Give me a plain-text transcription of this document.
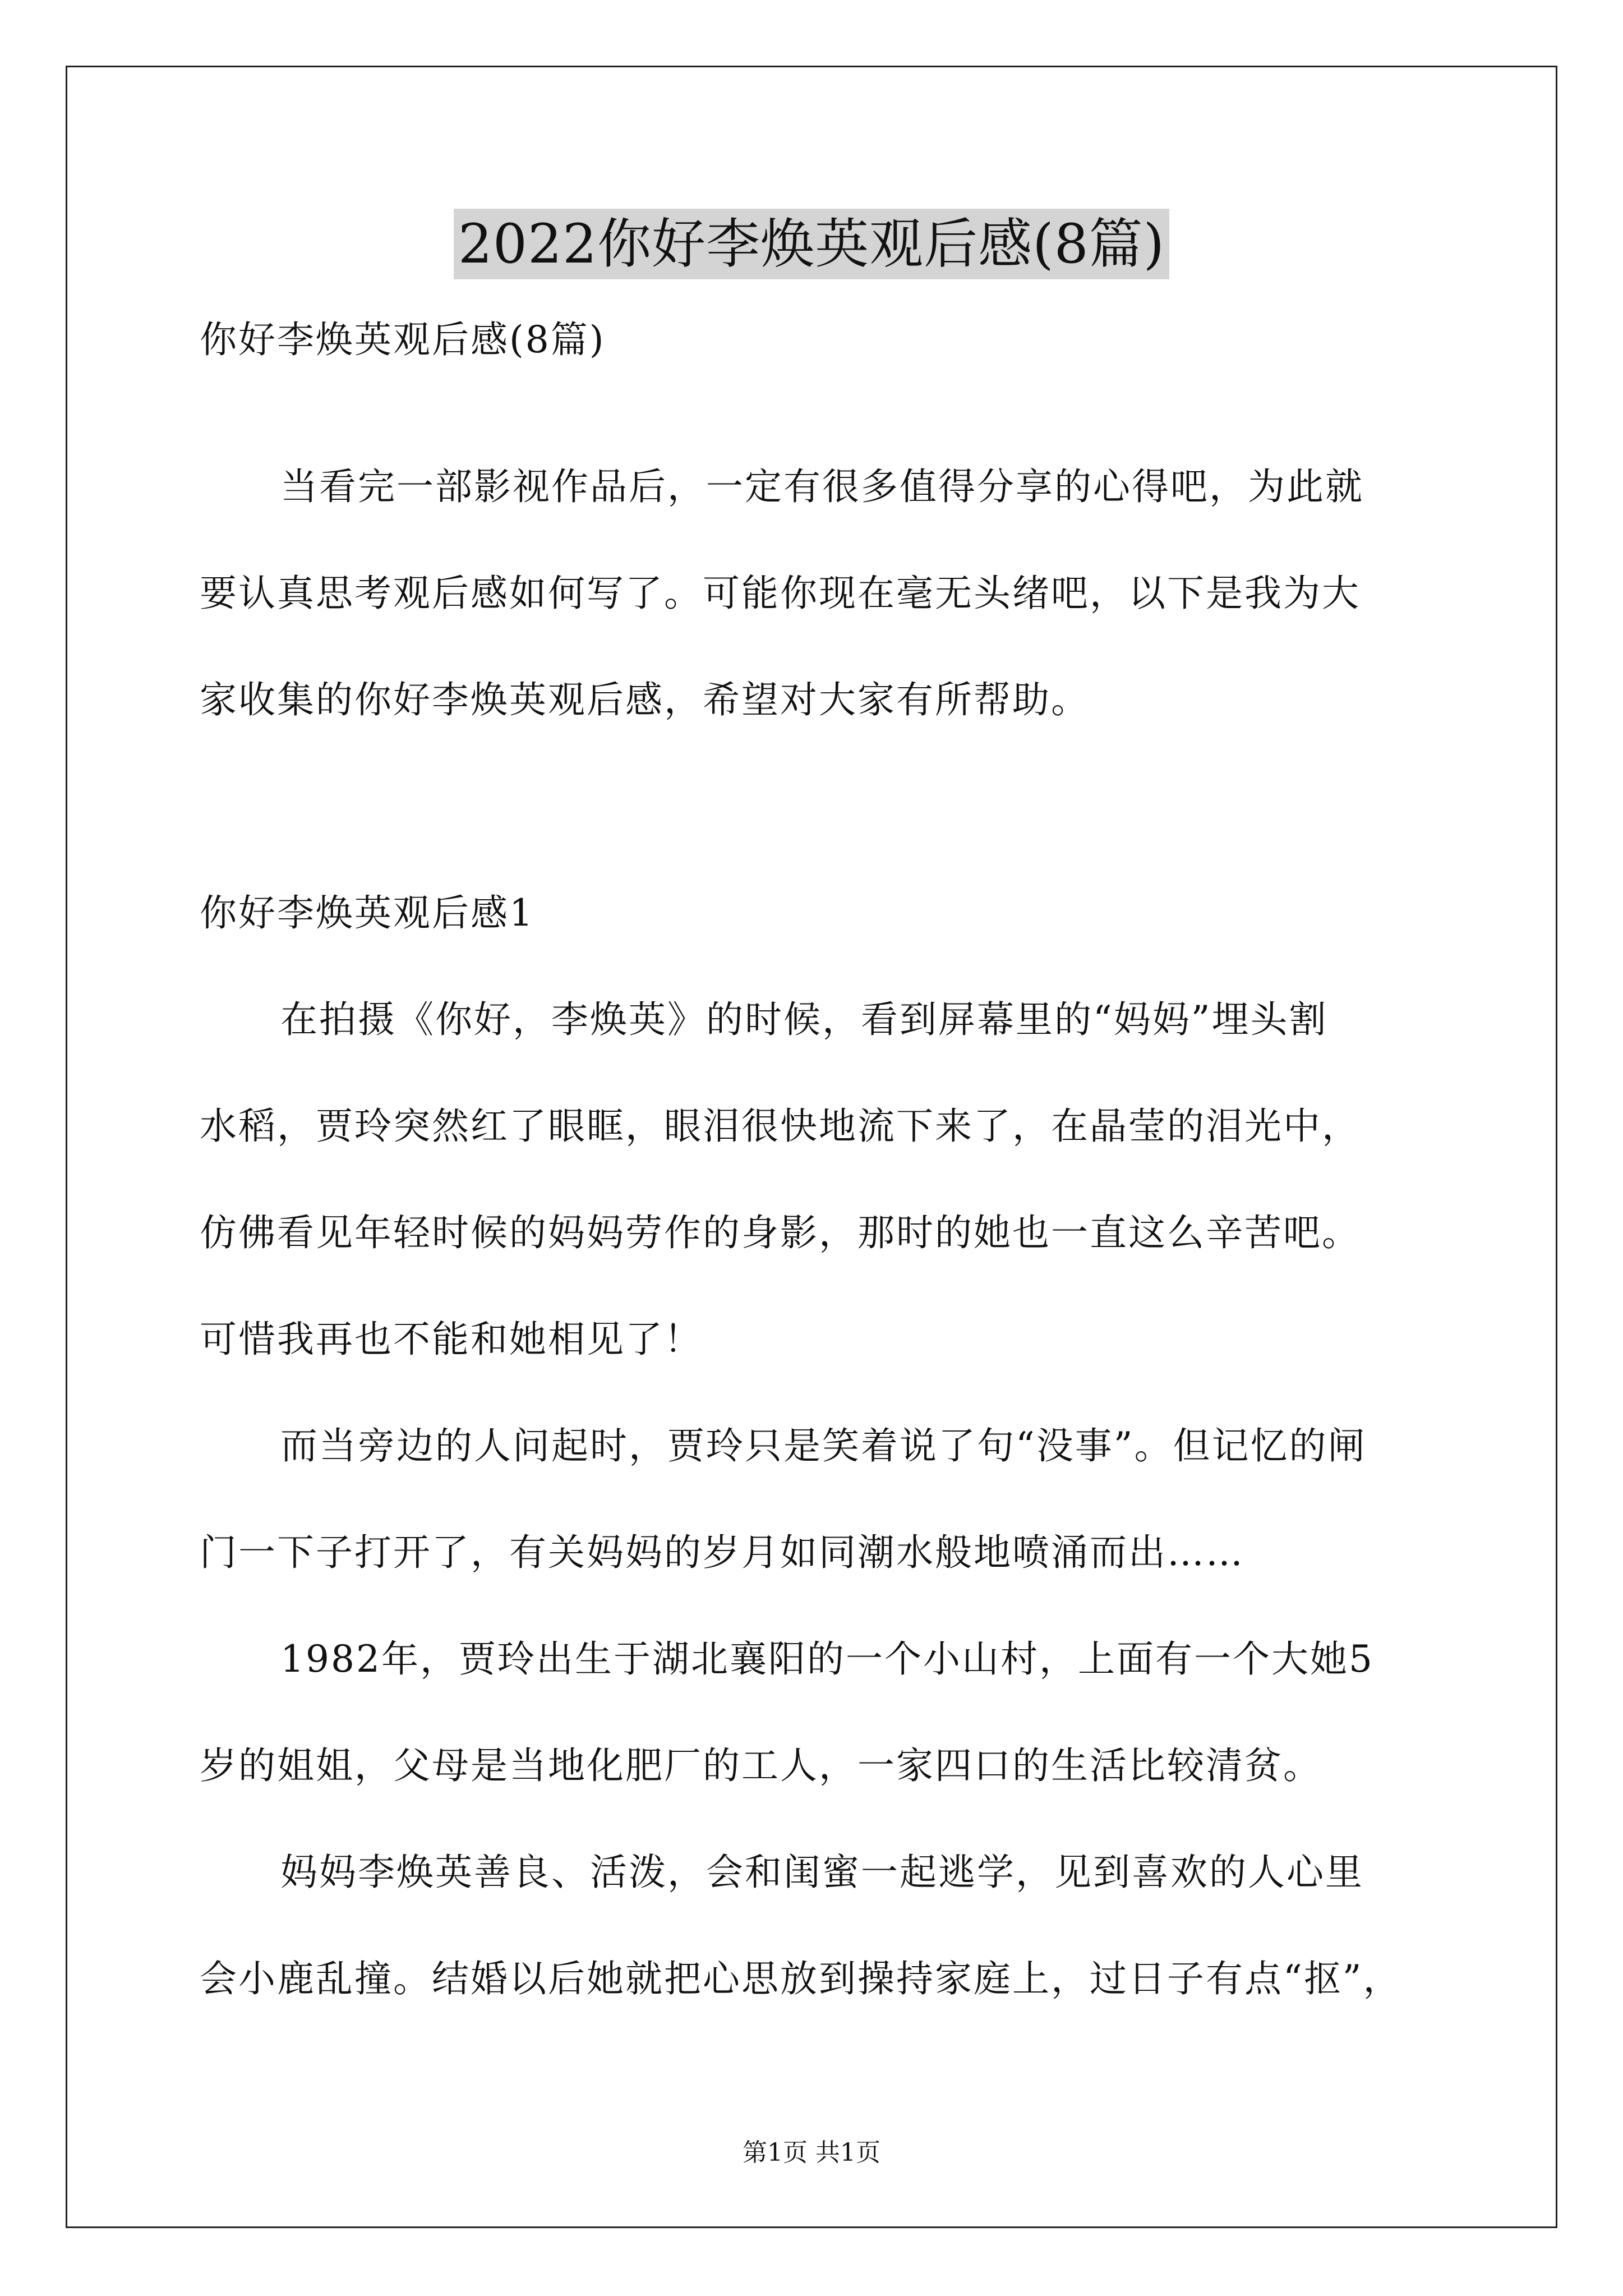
2022你好李焕英观后感(8篇)
你好李焕英观后感(8篇)
当看完一部影视作品后，一定有很多值得分享的心得吧，为此就
要认真思考观后感如何写了。可能你现在毫无头绪吧，以下是我为大
家收集的你好李焕英观后感，希望对大家有所帮助。
你好李焕英观后感1
在拍摄《你好，李焕英》的时候，看到屏幕里的“妈妈”埋头割
水稻，贾玲突然红了眼眶，眼泪很快地流下来了，在晶莹的泪光中，
仿佛看见年轻时候的妈妈劳作的身影，那时的她也一直这么辛苦吧。
可惜我再也不能和她相见了！
而当旁边的人问起时，贾玲只是笑着说了句“没事”。但记忆的闸
门一下子打开了，有关妈妈的岁月如同潮水般地喷涌而出……
1982年，贾玲出生于湖北襄阳的一个小山村，上面有一个大她5
岁的姐姐，父母是当地化肥厂的工人，一家四口的生活比较清贫。
妈妈李焕英善良、活泼，会和闺蜜一起逃学，见到喜欢的人心里
会小鹿乱撞。结婚以后她就把心思放到操持家庭上，过日子有点“抠”，
第1页 共1页
